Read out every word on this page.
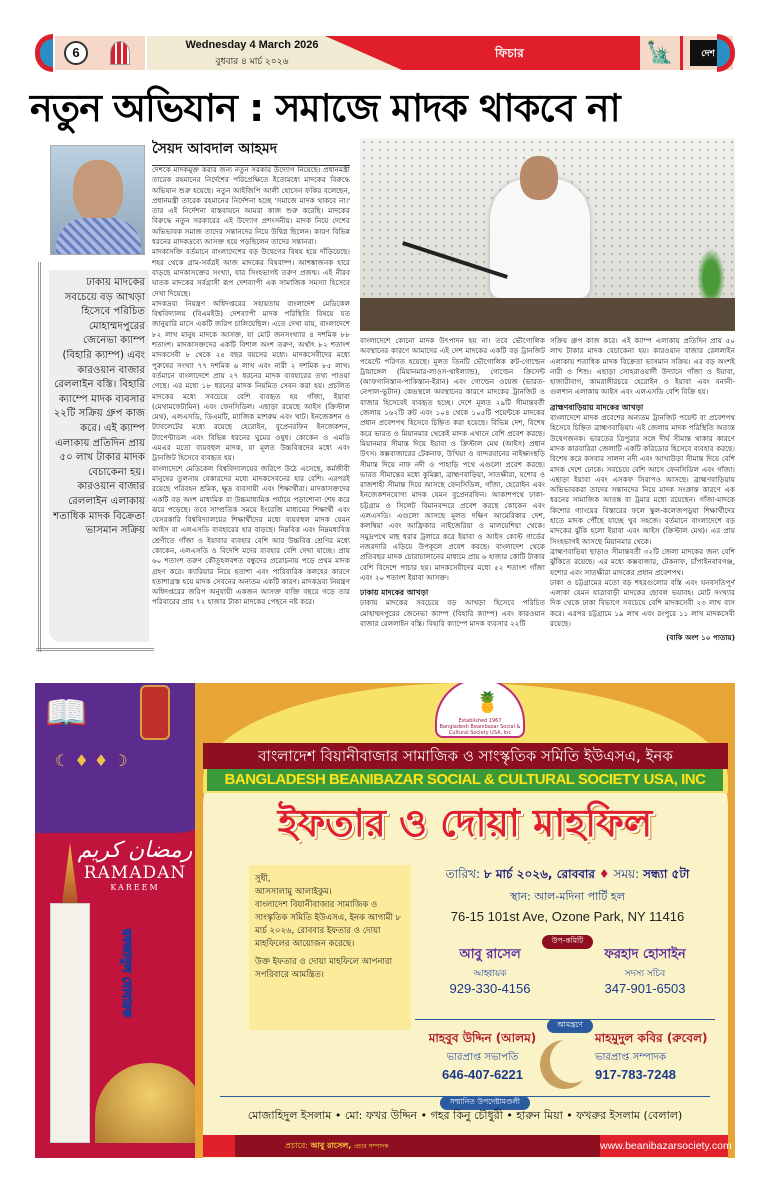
6	Wednesday 4 March 2026
বুধবার ৪ মার্চ ২০২৬
ফিচার	🗽	দেশ
নতুন অভিযান : সমাজে মাদক থাকবে না
ঢাকায় মাদকের সবচেয়ে বড় আখড়া হিসেবে পরিচিত মোহাম্মদপুরের জেনেভা ক্যাম্প (বিহারি ক্যাম্প) এবং কারওয়ান বাজার রেললাইন বস্তি। বিহারি ক্যাম্পে মাদক ব্যবসার ২২টি সক্রিয় গ্রুপ কাজ করে। এই ক্যাম্প এলাকায় প্রতিদিন প্রায় ৫০ লাখ টাকার মাদক বেচাকেনা হয়। কারওয়ান বাজার রেললাইন এলাকায় শতাধিক মাদক বিক্রেতা ভাসমান সক্রিয়
সৈয়দ আবদাল আহমদ

দেশকে মাদকমুক্ত করার জন্য নতুন সরকার উদ্যোগ নিয়েছে। প্রধানমন্ত্রী তারেক রহমানের নির্দেশের পরিপ্রেক্ষিতে ইতোমধ্যে মাদকের বিরুদ্ধে অভিযান শুরু হয়েছে। নতুন আইজিপি আলী হোসেন ফকির বলেছেন, প্রধানমন্ত্রী তারেক রহমানের নির্দেশনা হচ্ছে 'সমাজে মাদক থাকবে না।' তার এই নির্দেশনা বাস্তবায়নে আমরা কাজ শুরু করেছি। মাদকের বিরুদ্ধে নতুন সরকারের এই উদ্যোগ প্রশংসনীয়। মাদক নিয়ে দেশের অভিভাবক সমাজ তাদের সন্তানদের নিয়ে উদ্বিগ্ন ছিলেন। কারণ বিভিন্ন ধরনের মাদকদ্রব্যে আসক্ত হয়ে পড়ছিলেন তাদের সন্তানরা।

মাদকাসক্তি বর্তমানে বাংলাদেশের বড় উদ্বেগের বিষয় হয়ে দাঁড়িয়েছে। শহর থেকে গ্রাম-সর্বত্রই আজ মাদকের বিষবাষ্প। আশঙ্কাজনক হারে বাড়ছে মাদকাসক্তের সংখ্যা, যার সিংহভাগই তরুণ প্রজন্ম। এই নীরব ঘাতক মাদকের সর্বগ্রাসী রূপ দেশব্যাপী এক সামাজিক সমস্যা হিসেবে দেখা দিয়েছে।

মাদকদ্রব্য নিয়ন্ত্রণ অধিদপ্তরের সহায়তায় বাংলাদেশ মেডিকেল বিশ্ববিদ্যালয় (বিএমইউ) দেশব্যাপী মাদক পরিস্থিতি বিষয়ে যত জানুয়ারি মাসে একটি জরিপ চালিয়েছিল। এতে দেখা যায়, বাংলাদেশে ৮২ লাখ মানুষ মাদকে আসক্ত, যা মোট জনসংখ্যার ৪ দশমিক ৮৮ শতাংশ। মাদকাসক্তদের একটি বিশাল অংশ তরুণ, অর্থাৎ ৮২ শতাংশ মাদকসেবী ৮ থেকে ২৫ বছর বয়সের মধ্যে। মাদকসেবীদের মধ্যে পুরুষের সংখ্যা ৭৭ দশমিক ৬ লাখ এবং নারী ২ দশমিক ৮৫ লাখ। বর্তমানে বাংলাদেশে প্রায় ২৭ ধরনের মাদক ব্যবহারের তথ্য পাওয়া গেছে। এর মধ্যে ১৮ ধরনের মাদক নিয়মিত সেবন করা হয়। প্রচলিত মাদকের মধ্যে সবচেয়ে বেশি ব্যবহৃত হয় গাঁজা, ইয়াবা (মেথামফেটামিন) এবং ফেনসিডিল। এছাড়া রয়েছে আইস (ক্রিস্টাল মেথ), এলএসডি, ডিএমটি, ম্যাজিক মাশরুম এবং খাট। ইনজেকশন ও ট্যাবলেটের মধ্যে রয়েছে হেরোইন, বুপ্রেনরফিন ইনজেকশন, ট্যাপেন্টাডল এবং বিভিন্ন ধরনের ঘুমের ওষুধ। কোকেন ও এমডি এমএর মতো ব্যয়বহুল মাদক, যা মূলত উচ্চবিত্তদের মধ্যে এবং ট্রানজিট হিসেবে ব্যবহৃত হয়।

বাংলাদেশে মেডিকেল বিশ্ববিদ্যালয়ের জরিপে উঠে এসেছে, কর্মজীবী মানুষের তুলনায় বেকারদের মধ্যে মাদকসেবনের হার বেশি। এরপরই রয়েছে পরিবহন শ্রমিক, ক্ষুদ্র ব্যবসায়ী এবং শিক্ষার্থীরা। মাদকাসক্তদের একটি বড় অংশ মাধ্যমিক বা উচ্চমাধ্যমিক পর্যায়ে পড়াশোনা শেষ করে ঝরে পড়েছে। তবে সাম্প্রতিক সময়ে ইংরেজি মাধ্যমের শিক্ষার্থী এবং বেসরকারি বিশ্ববিদ্যালয়ের শিক্ষার্থীদের মধ্যে ব্যয়বহুল মাদক যেমন আইস বা এলএসডি ব্যবহারের হার বাড়ছে। নিম্নবিত্ত এবং নিম্নমধ্যবিত্ত শ্রেণীতে গাঁজা ও ইয়াবার ব্যবহার বেশি আর উচ্চবিত্ত শ্রেণির মধ্যে কোকেন, এলএসডি ও বিদেশি মদের ব্যবহার বেশি দেখা যাচ্ছে। প্রায় ৬০ শতাংশ তরুণ কৌতূহলবশত বন্ধুদের প্ররোচনায় পড়ে প্রথম মাদক গ্রহণ করে। ক্যারিয়ার নিয়ে হতাশা এবং পারিবারিক কলহের কারণে হতাশাগ্রস্ত হয়ে মাদক সেবনের অন্যতম একটি কারণ। মাদকদ্রব্য নিয়ন্ত্রণ অধিদপ্তরের জরিপ অনুযায়ী একজন আসক্ত ব্যক্তি বছরে গড়ে তার পরিবারের প্রায় ৭২ হাজার টাকা মাদকের পেছনে নষ্ট করে।

বাংলাদেশে কোনো মাদক উৎপাদন হয় না। তবে ভৌগোলিক অবস্থানের কারণে আমাদের এই দেশ মাদকের একটি বড় ট্রানজিট পয়েন্টে পরিণত হয়েছে। মূলত তিনটি ভৌগোলিক রুট-গোল্ডেন ট্রায়াঙ্গেল (মিয়ানমার-লাওস-থাইল্যান্ড), গোল্ডেন ক্রিসেন্ট (আফগানিস্তান-পাকিস্তান-ইরান) এবং গোল্ডেন ওয়েজ (ভারত-নেপাল-ভুটান) কেন্দ্রস্থলে অবস্থানের কারণে মাদকের ট্রানজিট ও বাজার হিসেবেই ব্যবহৃত হচ্ছে। দেশে মূলত ২৯টি সীমান্তবর্তী জেলায় ১৬২টি রুট এবং ১০৪ থেকে ১০৫টি পয়েন্টকে মাদকের প্রধান প্রবেশপথ হিসেবে চিহ্নিত করা হয়েছে। বিভিন্ন দেশ, বিশেষ করে ভারত ও মিয়ানমার থেকেই মাদক এখানে বেশি প্রবেশ করছে। মিয়ানমার সীমান্ত দিয়ে ইয়াবা ও ক্রিস্টাল মেথ (আইস) প্রধান উৎস। কক্সবাজারের টেকনাফ, উখিয়া ও বান্দরবানের নাইক্ষ্যংছড়ি সীমান্ত দিয়ে নাফ নদী ও পাহাড়ি পথে এগুলো প্রবেশ করছে। ভারত সীমান্তের মধ্যে কুমিল্লা, ব্রাহ্মণবাড়িয়া, সাতক্ষীরা, যশোর ও রাজশাহী সীমান্ত দিয়ে আসছে ফেনসিডিল, গাঁজা, হেরোইন এবং ইনজেকশনযোগ্য মাদক যেমন বুপ্রেনরফিন। আকাশপথে ঢাকা-চট্টগ্রাম ও সিলেট বিমানবন্দরে প্রবেশ করছে কোকেন এবং এলএসডি। এগুলো আসছে মূলত দক্ষিণ আমেরিকার দেশ, কলম্বিয়া এবং আফ্রিকার নাইজেরিয়া ও মালয়েশিয়া থেকে। সমুদ্রপথে মাছ ধরার ট্রলারে করে ইয়াবা ও আইস কোস্ট গার্ডের নজরদারি এড়িয়ে উপকূলে প্রবেশ করছে। বাংলাদেশ থেকে প্রতিবছর মাদক চোরাচালানের মাধ্যমে প্রায় ৬ হাজার কোটি টাকার বেশি বিদেশে পাচার হয়। মাদকসেবীদের মধ্যে ৫২ শতাংশ গাঁজা এবং ২০ শতাংশ ইয়াবা আসক্ত।

ঢাকায় মাদকের আখড়া

ঢাকায় মাদকের সবচেয়ে বড় আখড়া হিসেবে পরিচিত মোহাম্মদপুরের জেনেভা ক্যাম্প (বিহারি ক্যাম্প) এবং কারওয়ান বাজার রেললাইন বস্তি। বিহারি ক্যাম্পে মাদক ব্যবসার ২২টি

সক্রিয় গ্রুপ কাজ করে। এই ক্যাম্প এলাকায় প্রতিদিন প্রায় ৫০ লাখ টাকার মাদক বেচাকেনা হয়। কারওয়ান বাজার রেললাইন এলাকায় শতাধিক মাদক বিক্রেতা ভাসমান সক্রিয়। এর বড় অংশই নারী ও শিশু। এছাড়া সোহরাওয়ার্দী উদ্যানে গাঁজা ও ইয়াবা, হাজারীবাগ, কামরাঙ্গীরচরে হেরোইন ও ইয়াবা এবং বনানী-গুলশান এলাকায় আইস এবং এলএসডি বেশি বিক্রি হয়।

ব্রাহ্মণবাড়িয়ায় মাদকের আখড়া

বাংলাদেশে মাদক প্রবেশের অন্যতম ট্রানজিট পয়েন্ট বা প্রবেশপথ হিসেবে চিহ্নিত ব্রাহ্মণবাড়িয়া। এই জেলায় মাদক পরিস্থিতি অত্যন্ত উদ্বেগজনক। ভারতের ত্রিপুরার সঙ্গে দীর্ঘ সীমান্ত থাকার কারণে মাদক কারবারিরা জেলাটি একটি করিডোর হিসেবে ব্যবহার করছে। বিশেষ করে কসবার সালদা নদী এবং আখাউড়া সীমান্ত দিয়ে বেশি মাদক দেশে ঢোকে। সবচেয়ে বেশি আসে ফেনসিডিল এবং গাঁজা। এছাড়া ইয়াবা এবং এসকফ সিরাপও আসছে। ব্রাহ্মণবাড়িয়ায় অভিভাবকরা তাদের সন্তানদের নিয়ে মাদক সংক্রান্ত কারণে এক ধরনের সামাজিক আতঙ্ক বা ট্রমার মধ্যে রয়েছেন। গাঁজা-মাদকে কিশোর গ্যাংয়ের বিস্তারের ফলে স্কুল-কলেজপড়ুয়া শিক্ষার্থীদের হাতে মাদক পৌঁছে যাচ্ছে খুব সহজে। বর্তমানে বাংলাদেশে বড় মাদকের ঝুঁকি হলো ইয়াবা এবং আইস (ক্রিস্টাল মেথ)। এর প্রায় সিংহভাগই আসছে মিয়ানমার থেকে।

ব্রাহ্মণবাড়িয়া ছাড়াও সীমান্তবর্তী ৩২টি জেলা মাদকের জন্য বেশি ঝুঁকিতে রয়েছে। এর মধ্যে কক্সবাজার, টেকনাফ, চাঁপাইনবাবগঞ্জ, যশোর এবং সাতক্ষীরা মাদকের প্রধান প্রবেশপথ।

ঢাকা ও চট্টগ্রামের মতো বড় শহরগুলোর বস্তি এবং ঘনবসতিপূর্ণ এলাকা যেমন যাত্রাবাড়ী মাদকের ছোবল ভয়াবহ। মোট সংখ্যার দিক থেকে ঢাকা বিভাগে সবচেয়ে বেশি মাদকসেবী ২৩ লাখ বাস করে। এরপর চট্টগ্রামে ১৯ লাখ এবং রংপুরে ১১ লাখ মাদকসেবী রয়েছে।

(বাকি অংশ ১০ পাতায়)

📖
☾ ♦ ♦ ☽
رمضان كريم
RAMADAN
KAREEM
রমজানুল মোবারক
🍍
Established 1967
Bangladesh Beanibazar Social & Cultural Society USA, Inc
বাংলাদেশ বিয়ানীবাজার সামাজিক ও সাংস্কৃতিক সমিতি ইউএসএ, ইনক
BANGLADESH BEANIBAZAR SOCIAL & CULTURAL SOCIETY USA, INC
ইফতার ও দোয়া মাহফিল

সুধী,

আসসালামু আলাইকুম।

বাংলাদেশ বিয়ানীবাজার সামাজিক ও সাংস্কৃতিক সমিতি ইউএসএ, ইনক আগামী ৮ মার্চ ২০২৬, রোববার ইফতার ও দোয়া মাহফিলের আয়োজন করেছে।

উক্ত ইফতার ও দোয়া মাহফিলে আপনারা সপরিবারে আমন্ত্রিত।

তারিখ: ৮ মার্চ ২০২৬, রোববার ♦ সময়: সন্ধ্যা ৫টা
স্থান: আল-মদিনা পার্টি হল
76-15 101st Ave, Ozone Park, NY 11416
উপ-কমিটি
আবু রাসেল
আহ্বায়ক
929-330-4156
ফরহাদ হোসাইন
সদস্য সচিব
347-901-6503
আমন্ত্রণে
মাহবুব উদ্দিন (আলম)
ভারপ্রাপ্ত সভাপতি
646-407-6221
মাহমুদুল কবির (রুবেল)
ভারপ্রাপ্ত সম্পাদক
917-783-7248
সম্মানিত উপদেষ্টামণ্ডলী
মোজাহিদুল ইসলাম • মো: ফখর উদ্দিন • গহর কিনু চৌধুরী • হারুন মিয়া • ফখরুর ইসলাম (বেলাল)
প্রচারে: আবু রাসেল, প্রচার সম্পাদক	www.beanibazarsociety.com
